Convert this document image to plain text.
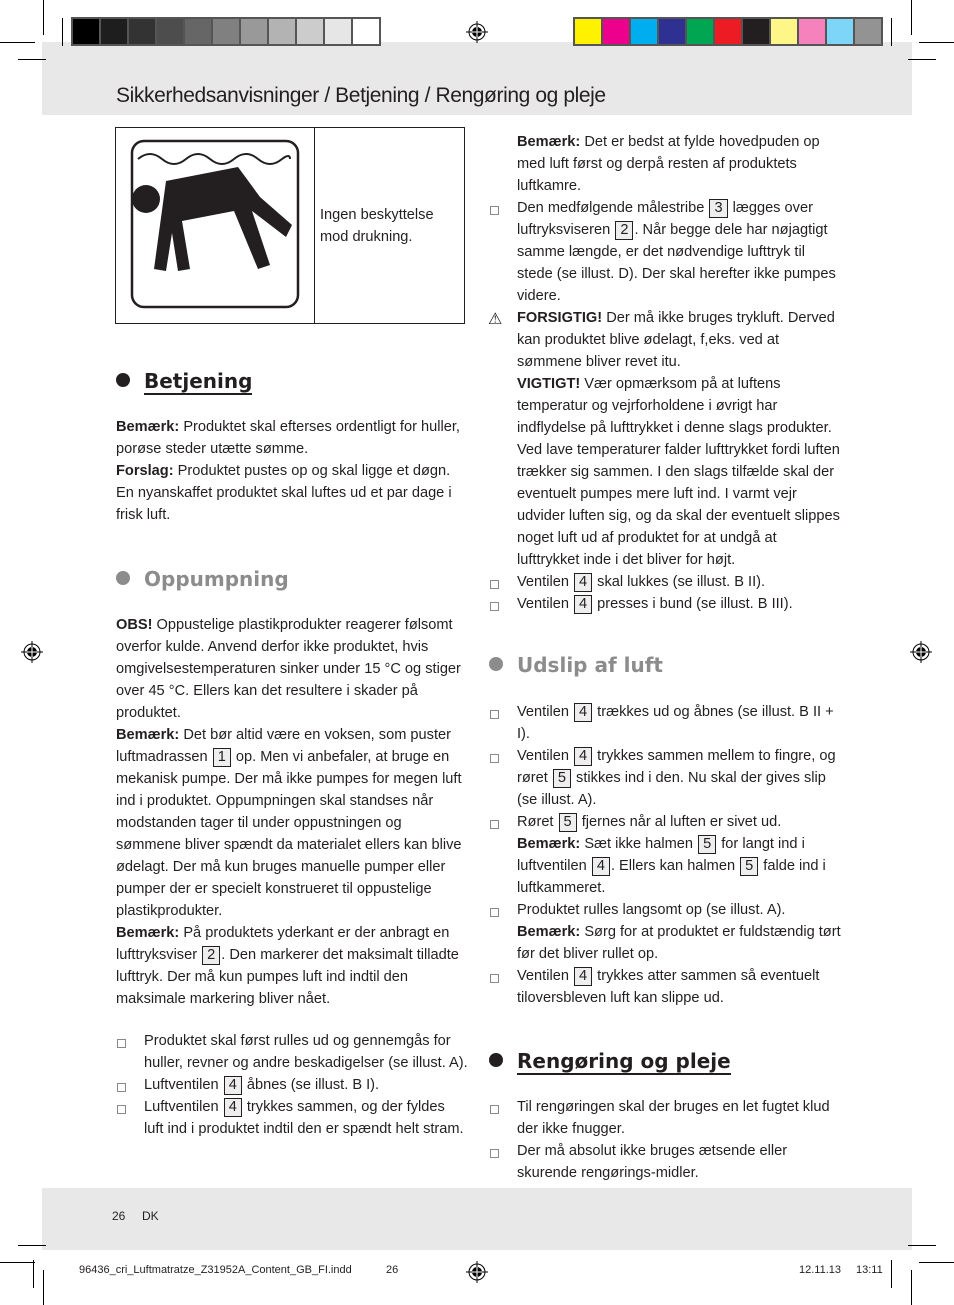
Sikkerhedsanvisninger / Betjening / Rengøring og pleje
	Ingen beskyttelse mod drukning.
Betjening
Oppumpning
Udslip af luft
Rengøring og pleje
Bemærk: Produktet skal efterses ordentligt for huller, porøse steder utætte sømme.
Forslag: Produktet pustes op og skal ligge et døgn. En nyanskaffet produktet skal luftes ud et par dage i frisk luft.
OBS! Oppustelige plastikprodukter reagerer følsomt overfor kulde. Anvend derfor ikke produktet, hvis omgivelsestemperaturen sinker under 15 °C og stiger over 45 °C. Ellers kan det resultere i skader på produktet.
Bemærk: Det bør altid være en voksen, som puster luftmadrassen 1 op. Men vi anbefaler, at bruge en mekanisk pumpe. Der må ikke pumpes for megen luft ind i produktet. Oppumpningen skal standses når modstanden tager til under oppustningen og sømmene bliver spændt da materialet ellers kan blive ødelagt. Der må kun bruges manuelle pumper eller pumper der er specielt konstrueret til oppustelige plastikprodukter.
Bemærk: På produktets yderkant er der anbragt en lufttryksviser 2 . Den markerer det maksimalt tilladte lufttryk. Der må kun pumpes luft ind indtil den maksimale markering bliver nået.
Produktet skal først rulles ud og gennemgås for huller, revner og andre beskadigelser (se illust. A).
Luftventilen 4 åbnes (se illust. B I).
Luftventilen 4 trykkes sammen, og der fyldes luft ind i produktet indtil den er spændt helt stram.
Bemærk: Det er bedst at fylde hovedpuden op med luft først og derpå resten af produktets luftkamre.
Den medfølgende målestribe 3 lægges over luftryksviseren 2 . Når begge dele har nøjagtigt samme længde, er det nødvendige lufttryk til stede (se illust. D). Der skal herefter ikke pumpes videre.
⚠ FORSIGTIG! Der må ikke bruges trykluft. Derved kan produktet blive ødelagt, f,eks. ved at sømmene bliver revet itu.
VIGTIGT! Vær opmærksom på at luftens temperatur og vejrforholdene i øvrigt har indflydelse på lufttrykket i denne slags produkter. Ved lave temperaturer falder lufttrykket fordi luften trækker sig sammen. I den slags tilfælde skal der eventuelt pumpes mere luft ind. I varmt vejr udvider luften sig, og da skal der eventuelt slippes noget luft ud af produktet for at undgå at lufttrykket inde i det bliver for højt.
Ventilen 4 skal lukkes (se illust. B II).
Ventilen 4 presses i bund (se illust. B III).
Ventilen 4 trækkes ud og åbnes (se illust. B II + I).
Ventilen 4 trykkes sammen mellem to fingre, og røret 5 stikkes ind i den. Nu skal der gives slip (se illust. A).
Røret 5 fjernes når al luften er sivet ud.
Bemærk: Sæt ikke halmen 5 for langt ind i luftventilen 4 . Ellers kan halmen 5 falde ind i luftkammeret.
Produktet rulles langsomt op (se illust. A).
Bemærk: Sørg for at produktet er fuldstændig tørt før det bliver rullet op.
Ventilen 4 trykkes atter sammen så eventuelt tiloversbleven luft kan slippe ud.
Til rengøringen skal der bruges en let fugtet klud der ikke fnugger.
Der må absolut ikke bruges ætsende eller skurende rengørings-midler.
26 DK
96436_cri_Luftmatratze_Z31952A_Content_GB_FI.indd	26	12.11.13 13:11
